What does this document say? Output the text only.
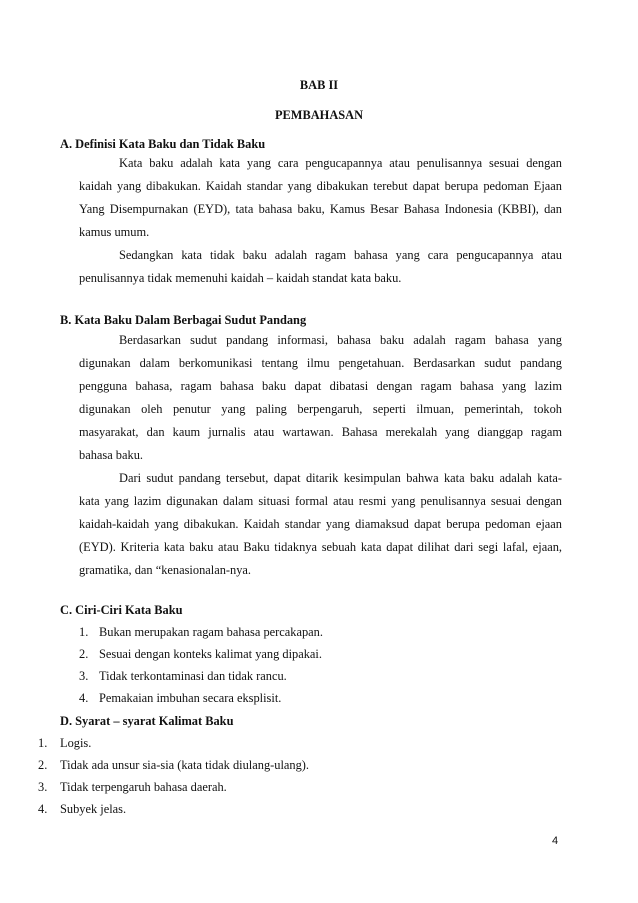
BAB II
PEMBAHASAN
A. Definisi Kata Baku dan Tidak Baku
Kata baku adalah kata yang cara pengucapannya atau penulisannya sesuai dengan
kaidah yang dibakukan. Kaidah standar yang dibakukan terebut dapat berupa pedoman Ejaan
Yang Disempurnakan (EYD), tata bahasa baku, Kamus Besar Bahasa Indonesia (KBBI), dan
kamus umum.
Sedangkan kata tidak baku adalah ragam bahasa yang cara pengucapannya atau
penulisannya tidak memenuhi kaidah – kaidah standat kata baku.
B. Kata Baku Dalam Berbagai Sudut Pandang
Berdasarkan sudut pandang informasi, bahasa baku adalah ragam bahasa yang
digunakan dalam berkomunikasi tentang ilmu pengetahuan. Berdasarkan sudut pandang
pengguna bahasa, ragam bahasa baku dapat dibatasi dengan ragam bahasa yang lazim
digunakan oleh penutur yang paling berpengaruh, seperti ilmuan, pemerintah, tokoh
masyarakat, dan kaum jurnalis atau wartawan. Bahasa merekalah yang dianggap ragam
bahasa baku.
Dari sudut pandang tersebut, dapat ditarik kesimpulan bahwa kata baku adalah kata-
kata yang lazim digunakan dalam situasi formal atau resmi yang penulisannya sesuai dengan
kaidah-kaidah yang dibakukan. Kaidah standar yang diamaksud dapat berupa pedoman ejaan
(EYD). Kriteria kata baku atau Baku tidaknya sebuah kata dapat dilihat dari segi lafal, ejaan,
gramatika, dan “kenasionalan-nya.
C. Ciri-Ciri Kata Baku
1. Bukan merupakan ragam bahasa percakapan.
2. Sesuai dengan konteks kalimat yang dipakai.
3. Tidak terkontaminasi dan tidak rancu.
4. Pemakaian imbuhan secara eksplisit.
D. Syarat – syarat Kalimat Baku
1. Logis.
2. Tidak ada unsur sia-sia (kata tidak diulang-ulang).
3. Tidak terpengaruh bahasa daerah.
4. Subyek jelas.
4
